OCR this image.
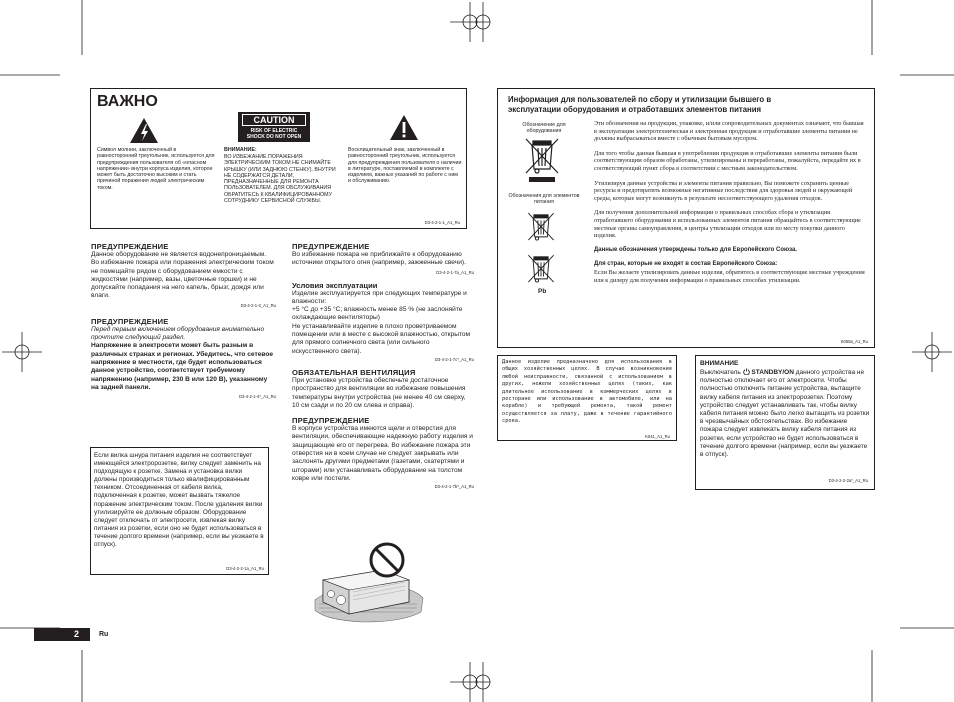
ВАЖНО
Символ молнии, заключенный в равносторонний треугольник, используется для предупреждения пользователя об «опасном напряжении» внутри корпуса изделия, которое может быть достаточно высоким и стать причиной поражения людей электрическим током.
CAUTION
RISK OF ELECTRIC SHOCK DO NOT OPEN
ВНИМАНИЕ:
ВО ИЗБЕЖАНИЕ ПОРАЖЕНИЯ ЭЛЕКТРИЧЕСКИМ ТОКОМ НЕ СНИМАЙТЕ КРЫШКУ (ИЛИ ЗАДНЮЮ СТЕНКУ). ВНУТРИ НЕ СОДЕРЖАТСЯ ДЕТАЛИ, ПРЕДНАЗНАЧЕННЫЕ ДЛЯ РЕМОНТА ПОЛЬЗОВАТЕЛЕМ. ДЛЯ ОБСЛУЖИВАНИЯ ОБРАТИТЕСЬ К КВАЛИФИЦИРОВАННОМУ СОТРУДНИКУ СЕРВИСНОЙ СЛУЖБЫ.
Восклицательный знак, заключенный в равносторонний треугольник, используется для предупреждения пользователя о наличии в литературе, поставляемой в комплекте с изделием, важных указаний по работе с ним и обслуживанию.
D3-4-2-1-1_A1_Ru
ПРЕДУПРЕЖДЕНИЕ
Данное оборудование не является водонепроницаемым. Во избежание пожара или поражения электрическим током не помещайте рядом с оборудованием емкости с жидкостями (например, вазы, цветочные горшки) и не допускайте попадания на него капель, брызг, дождя или влаги.
D3-4-2-1-3_A1_Ru
ПРЕДУПРЕЖДЕНИЕ
Перед первым включением оборудования внимательно прочтите следующий раздел.
Напряжение в электросети может быть разным в различных странах и регионах. Убедитесь, что сетевое напряжение в местности, где будет использоваться данное устройство, соответствует требуемому напряжению (например, 230 В или 120 В), указанному на задней панели.
D3-4-2-1-4*_A1_Ru
Если вилка шнура питания изделия не соответствует имеющейся электророзетке, вилку следует заменить на подходящую к розетке. Замена и установка вилки должны производиться только квалифицированным техником. Отсоединенная от кабеля вилка, подключенная к розетке, может вызвать тяжелое поражение электрическим током. После удаления вилки утилизируйте ее должным образом. Оборудование следует отключать от электросети, извлекая вилку питания из розетки, если оно не будет использоваться в течение долгого времени (например, если вы уезжаете в отпуск).
D3-4-2-2-1a_A1_Ru
ПРЕДУПРЕЖДЕНИЕ
Во избежание пожара не приближайте к оборудованию источники открытого огня (например, зажженные свечи).
D3-4-2-1-7a_A1_Ru
Условия эксплуатации
Изделие эксплуатируется при следующих температуре и влажности:
+5 °C до +35 °C; влажность менее 85 % (не заслоняйте охлаждающие вентиляторы)
Не устанавливайте изделие в плохо проветриваемом помещении или в месте с высокой влажностью, открытом для прямого солнечного света (или сильного искусственного света).
D3-4-2-1-7c*_A1_Ru
ОБЯЗАТЕЛЬНАЯ ВЕНТИЛЯЦИЯ
При установке устройства обеспечьте достаточное пространство для вентиляции во избежание повышения температуры внутри устройства (не менее 40 см сверху, 10 см сзади и по 20 см слева и справа).
ПРЕДУПРЕЖДЕНИЕ
В корпусе устройства имеются щели и отверстия для вентиляции, обеспечивающие надежную работу изделия и защищающие его от перегрева. Во избежание пожара эти отверстия ни в коем случае не следует закрывать или заслонять другими предметами (газетами, скатертями и шторами) или устанавливать оборудование на толстом ковре или постели.
D3-4-2-1-7b*_A1_Ru
Информация для пользователей по сбору и утилизации бывшего в эксплуатации оборудования и отработавших элементов питания
Обозначение для оборудования
Обозначения для элементов питания
Pb

Эти обозначения на продукции, упаковке, и/или сопроводительных документах означают, что бывшая в эксплуатации электротехническая и электронная продукция и отработавшие элементы питания не должны выбрасываться вместе с обычным бытовым мусором.

Для того чтобы данная бывшая в употреблении продукция и отработавшие элементы питания были соответствующим образом обработаны, утилизированы и переработаны, пожалуйста, передайте их в соответствующий пункт сбора в соответствии с местным законодательством.

Утилизируя данные устройства и элементы питания правильно, Вы поможете сохранить ценные ресурсы и предотвратить возможные негативные последствия для здоровья людей и окружающей среды, которые могут возникнуть в результате несоответствующего удаления отходов.

Для получения дополнительной информации о правильных способах сбора и утилизации отработавшего оборудования и использованных элементов питания обращайтесь в соответствующие местные органы самоуправления, в центры утилизации отходов или по месту покупки данного изделия.

Данные обозначения утверждены только для Европейского Союза.

Для стран, которые не входят в состав Европейского Союза:

Если Вы желаете утилизировать данные изделия, обратитесь в соответствующие местные учреждения или к дилеру для получения информации о правильных способах утилизации.

K058a_A1_Ru
Данное изделие предназначено для использования в общих хозяйственных целях. В случае возникновения любой неисправности, связанной с использованием в других, нежели хозяйственных целях (таких, как длительное использование в коммерческих целях в ресторане или использование в автомобиле, или на корабле) и требующей ремонта, такой ремонт осуществляется за плату, даже в течение гарантийного срока.
K041_A1_Ru
ВНИМАНИЕ
Выключатель STANDBY/ON данного устройства не полностью отключает его от электросети. Чтобы полностью отключить питание устройства, вытащите вилку кабеля питания из электророзетки. Поэтому устройство следует устанавливать так, чтобы вилку кабеля питания можно было легко вытащить из розетки в чрезвычайных обстоятельствах. Во избежание пожара следует извлекать вилку кабеля питания из розетки, если устройство не будет использоваться в течение долгого времени (например, если вы уезжаете в отпуск).
D3-4-2-2-2a*_A1_Ru
2	Ru
